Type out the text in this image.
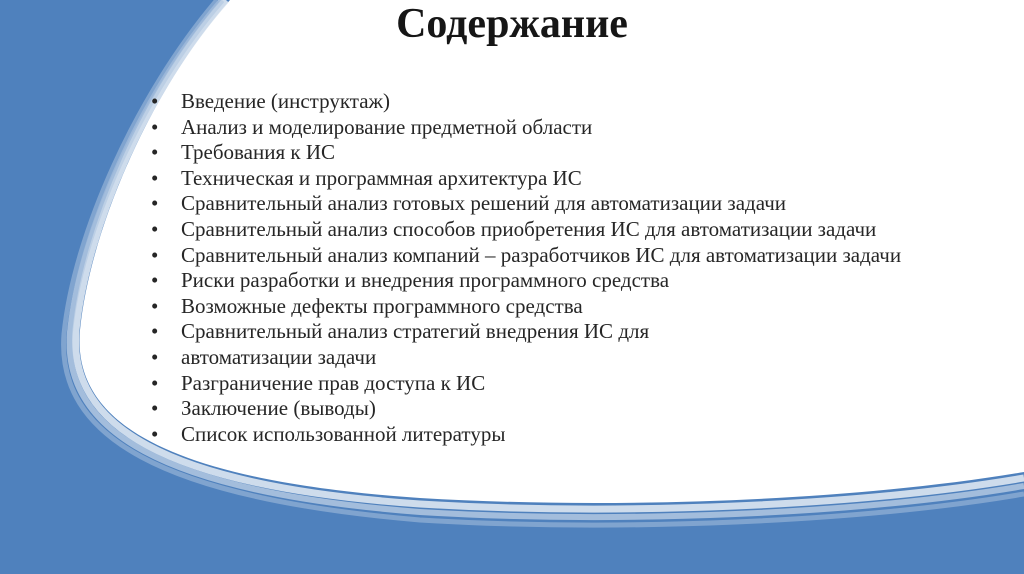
Содержание
• Введение (инструктаж)
• Анализ и моделирование предметной области
• Требования к ИС
• Техническая и программная архитектура ИС
• Сравнительный анализ готовых решений для автоматизации задачи
• Сравнительный анализ способов приобретения ИС для автоматизации задачи
• Сравнительный анализ компаний – разработчиков ИС для автоматизации задачи
• Риски разработки и внедрения программного средства
• Возможные дефекты программного средства
• Сравнительный анализ стратегий внедрения ИС для
• автоматизации задачи
• Разграничение прав доступа к ИС
• Заключение (выводы)
• Список использованной литературы
